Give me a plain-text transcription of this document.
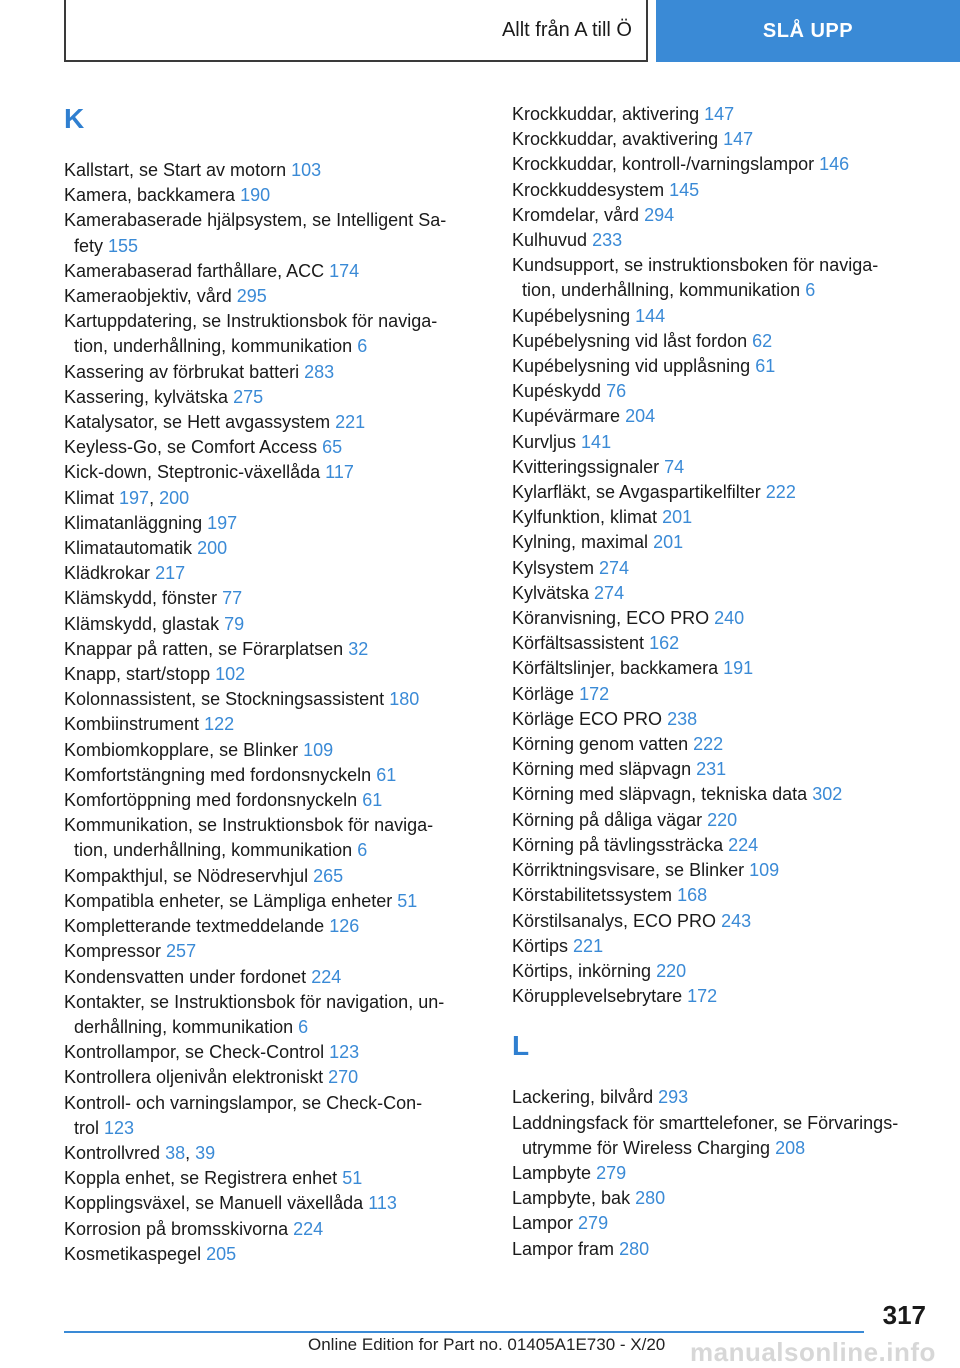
Allt från A till Ö	SLÅ UPP
K
Kallstart, se Start av motorn 103
Kamera, backkamera 190
Kamerabaserade hjälpsystem, se Intelligent Sa-
fety 155
Kamerabaserad farthållare, ACC 174
Kameraobjektiv, vård 295
Kartuppdatering, se Instruktionsbok för naviga-
tion, underhållning, kommunikation 6
Kassering av förbrukat batteri 283
Kassering, kylvätska 275
Katalysator, se Hett avgassystem 221
Keyless-Go, se Comfort Access 65
Kick-down, Steptronic-växellåda 117
Klimat 197, 200
Klimatanläggning 197
Klimatautomatik 200
Klädkrokar 217
Klämskydd, fönster 77
Klämskydd, glastak 79
Knappar på ratten, se Förarplatsen 32
Knapp, start/stopp 102
Kolonnassistent, se Stockningsassistent 180
Kombiinstrument 122
Kombiomkopplare, se Blinker 109
Komfortstängning med fordonsnyckeln 61
Komfortöppning med fordonsnyckeln 61
Kommunikation, se Instruktionsbok för naviga-
tion, underhållning, kommunikation 6
Kompakthjul, se Nödreservhjul 265
Kompatibla enheter, se Lämpliga enheter 51
Kompletterande textmeddelande 126
Kompressor 257
Kondensvatten under fordonet 224
Kontakter, se Instruktionsbok för navigation, un-
derhållning, kommunikation 6
Kontrollampor, se Check-Control 123
Kontrollera oljenivån elektroniskt 270
Kontroll- och varningslampor, se Check-Con-
trol 123
Kontrollvred 38, 39
Koppla enhet, se Registrera enhet 51
Kopplingsväxel, se Manuell växellåda 113
Korrosion på bromsskivorna 224
Kosmetikaspegel 205
Krockkuddar, aktivering 147
Krockkuddar, avaktivering 147
Krockkuddar, kontroll-/varningslampor 146
Krockkuddesystem 145
Kromdelar, vård 294
Kulhuvud 233
Kundsupport, se instruktionsboken för naviga-
tion, underhållning, kommunikation 6
Kupébelysning 144
Kupébelysning vid låst fordon 62
Kupébelysning vid upplåsning 61
Kupéskydd 76
Kupévärmare 204
Kurvljus 141
Kvitteringssignaler 74
Kylarfläkt, se Avgaspartikelfilter 222
Kylfunktion, klimat 201
Kylning, maximal 201
Kylsystem 274
Kylvätska 274
Köranvisning, ECO PRO 240
Körfältsassistent 162
Körfältslinjer, backkamera 191
Körläge 172
Körläge ECO PRO 238
Körning genom vatten 222
Körning med släpvagn 231
Körning med släpvagn, tekniska data 302
Körning på dåliga vägar 220
Körning på tävlingssträcka 224
Körriktningsvisare, se Blinker 109
Körstabilitetssystem 168
Körstilsanalys, ECO PRO 243
Körtips 221
Körtips, inkörning 220
Körupplevelsebrytare 172
L
Lackering, bilvård 293
Laddningsfack för smarttelefoner, se Förvarings-
utrymme för Wireless Charging 208
Lampbyte 279
Lampbyte, bak 280
Lampor 279
Lampor fram 280
317
Online Edition for Part no. 01405A1E730 - X/20 manualsonline.info
